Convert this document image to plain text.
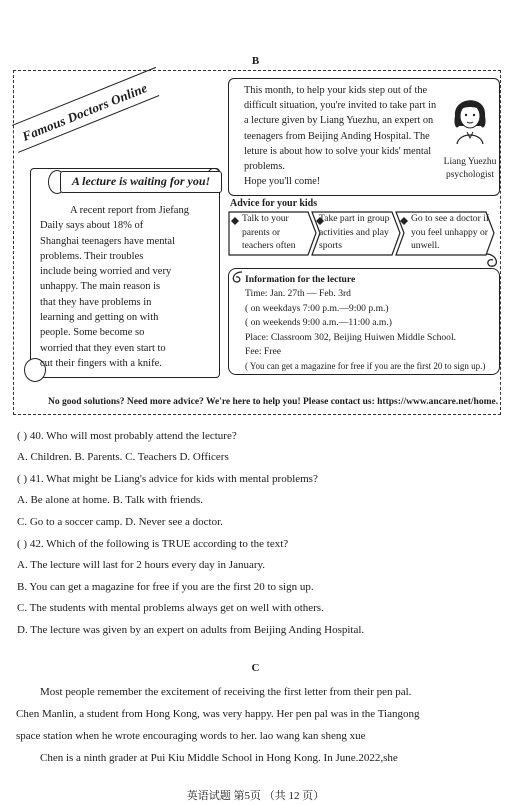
B
Famous Doctors Online
A lecture is waiting for you!
A recent report from Jiefang
Daily says about 18% of
Shanghai teenagers have mental
problems. Their troubles
include being worried and very
unhappy. The main reason is
that they have problems in
learning and getting on with
people. Some become so
worried that they even start to
cut their fingers with a knife.
This month, to help your kids step out of the
difficult situation, you're invited to take part in
a lecture given by Liang Yuezhu, an expert on
teenagers from Beijing Anding Hospital. The
leture is about how to solve your kids' mental
problems.
Hope you'll come!
Liang Yuezhu
psychologist
Advice for your kids
Talk to your parents or teachers often
Take part in group activities and play sports
Go to see a doctor if you feel unhappy or unwell.
Information for the lecture
Time: Jan. 27th — Feb. 3rd
( on weekdays 7:00 p.m.—9:00 p.m.)
( on weekends 9:00 a.m.—11:00 a.m.)
Place: Classroom 302, Beijing Huiwen Middle School.
Fee: Free
( You can get a magazine for free if you are the first 20 to sign up.)
No good solutions? Need more advice? We're here to help you! Please contact us: https://www.ancare.net/home.
( ) 40. Who will most probably attend the lecture?
A. Children. B. Parents. C. Teachers D. Officers
( ) 41. What might be Liang's advice for kids with mental problems?
A. Be alone at home. B. Talk with friends.
C. Go to a soccer camp. D. Never see a doctor.
( ) 42. Which of the following is TRUE according to the text?
A. The lecture will last for 2 hours every day in January.
B. You can get a magazine for free if you are the first 20 to sign up.
C. The students with mental problems always get on well with others.
D. The lecture was given by an expert on adults from Beijing Anding Hospital.
C
Most people remember the excitement of receiving the first letter from their pen pal.
Chen Manlin, a student from Hong Kong, was very happy. Her pen pal was in the Tiangong
space station when he wrote encouraging words to her. lao wang kan sheng xue
Chen is a ninth grader at Pui Kiu Middle School in Hong Kong. In June.2022,she
英语试题 第5页 （共 12 页）
